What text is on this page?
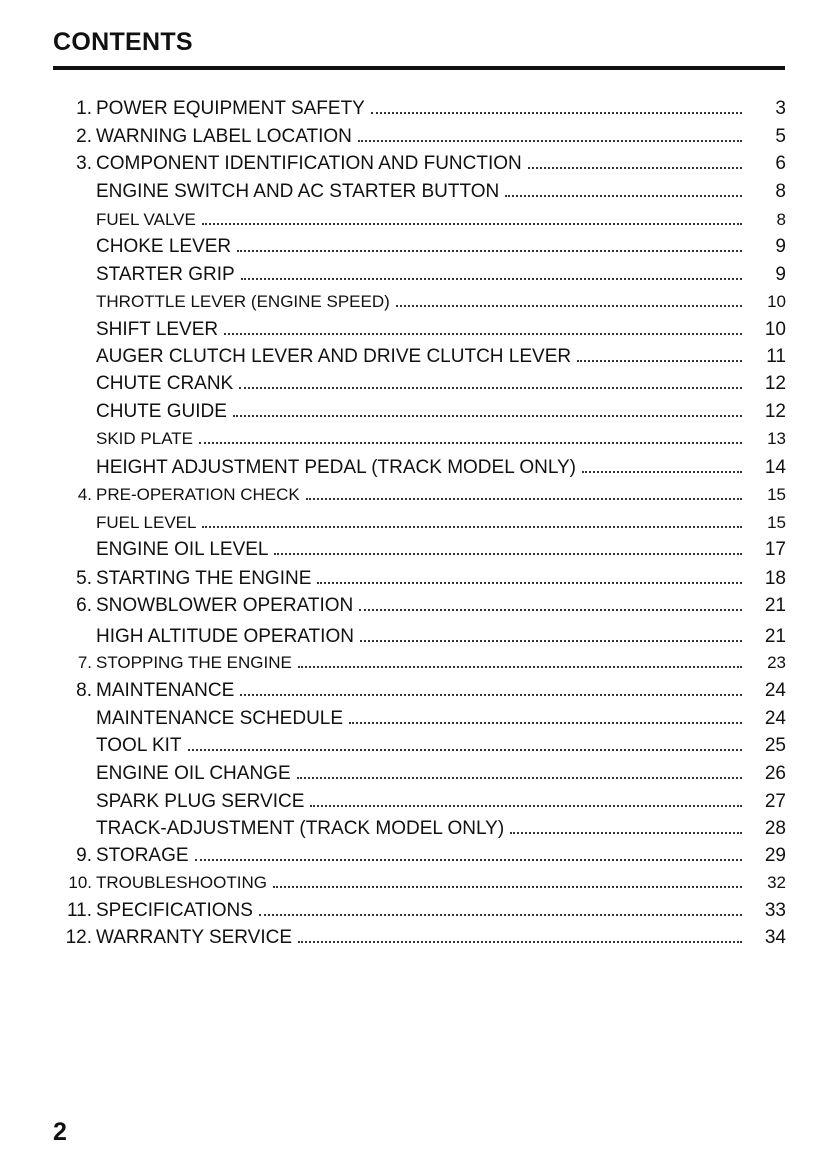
CONTENTS
1. POWER EQUIPMENT SAFETY	3
2. WARNING LABEL LOCATION	5
3. COMPONENT IDENTIFICATION AND FUNCTION	6
ENGINE SWITCH AND AC STARTER BUTTON	8
FUEL VALVE	8
CHOKE LEVER	9
STARTER GRIP	9
THROTTLE LEVER (ENGINE SPEED)	10
SHIFT LEVER	10
AUGER CLUTCH LEVER AND DRIVE CLUTCH LEVER	11
CHUTE CRANK	12
CHUTE GUIDE	12
SKID PLATE	13
HEIGHT ADJUSTMENT PEDAL (TRACK MODEL ONLY)	14
4. PRE-OPERATION CHECK	15
FUEL LEVEL	15
ENGINE OIL LEVEL	17
5. STARTING THE ENGINE	18
6. SNOWBLOWER OPERATION	21
HIGH ALTITUDE OPERATION	21
7. STOPPING THE ENGINE	23
8. MAINTENANCE	24
MAINTENANCE SCHEDULE	24
TOOL KIT	25
ENGINE OIL CHANGE	26
SPARK PLUG SERVICE	27
TRACK-ADJUSTMENT (TRACK MODEL ONLY)	28
9. STORAGE	29
10. TROUBLESHOOTING	32
11. SPECIFICATIONS	33
12. WARRANTY SERVICE	34
2
